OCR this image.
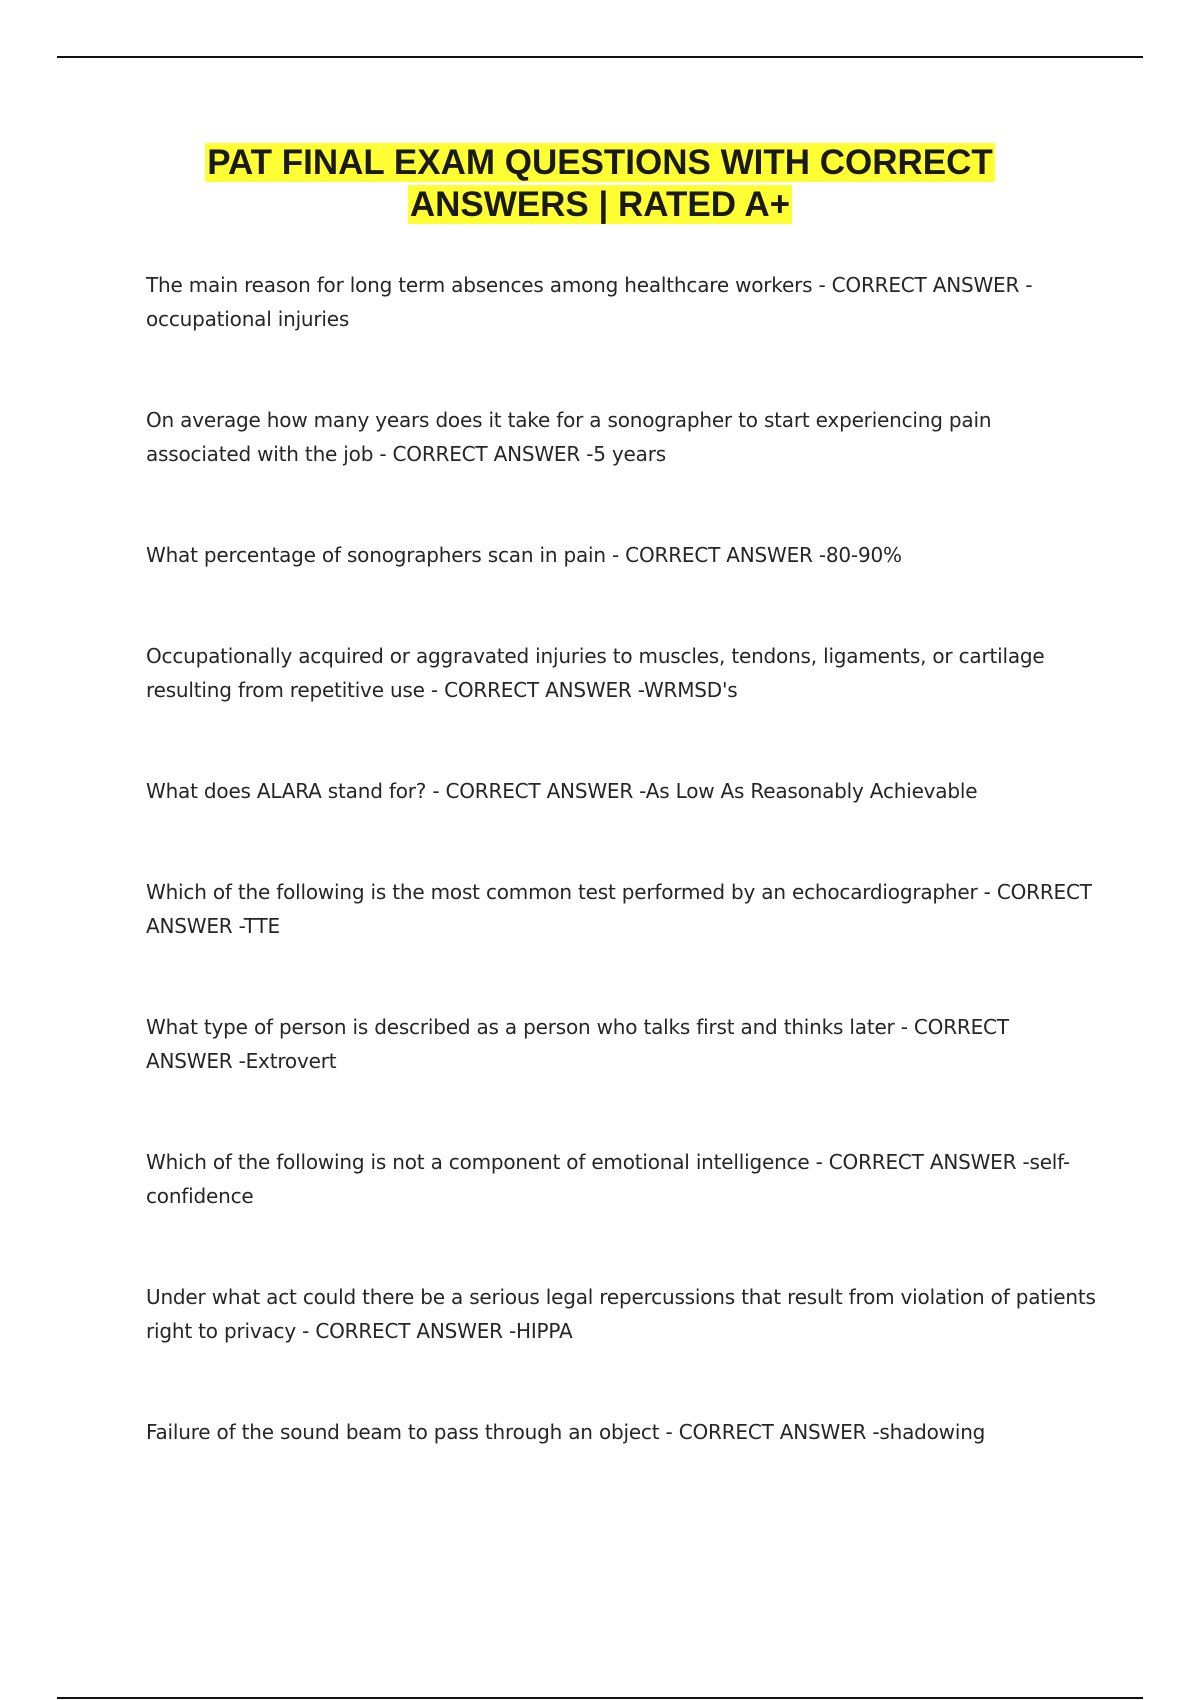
PAT FINAL EXAM QUESTIONS WITH CORRECT
ANSWERS | RATED A+
The main reason for long term absences among healthcare workers - CORRECT ANSWER - occupational injuries
On average how many years does it take for a sonographer to start experiencing pain associated with the job - CORRECT ANSWER -5 years
What percentage of sonographers scan in pain - CORRECT ANSWER -80-90%
Occupationally acquired or aggravated injuries to muscles, tendons, ligaments, or cartilage resulting from repetitive use - CORRECT ANSWER -WRMSD's
What does ALARA stand for? - CORRECT ANSWER -As Low As Reasonably Achievable
Which of the following is the most common test performed by an echocardiographer - CORRECT ANSWER -TTE
What type of person is described as a person who talks first and thinks later - CORRECT ANSWER -Extrovert
Which of the following is not a component of emotional intelligence - CORRECT ANSWER -self-confidence
Under what act could there be a serious legal repercussions that result from violation of patients right to privacy - CORRECT ANSWER -HIPPA
Failure of the sound beam to pass through an object - CORRECT ANSWER -shadowing
